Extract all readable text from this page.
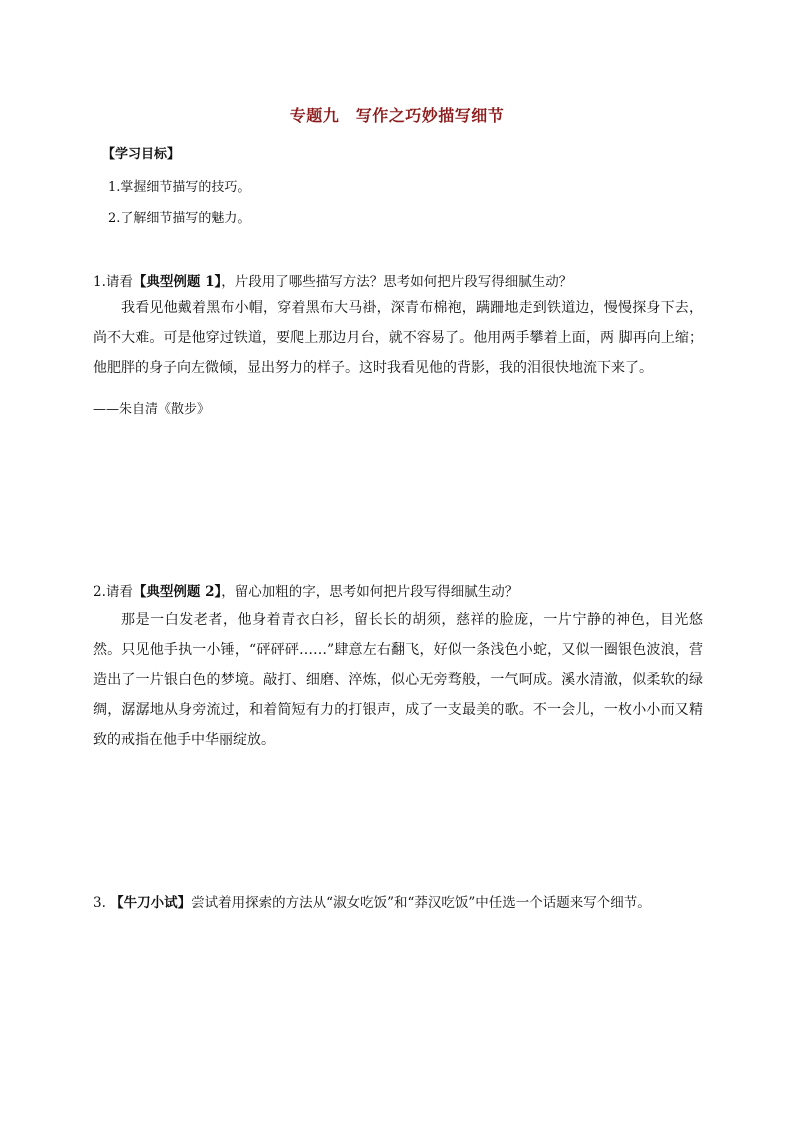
专题九　写作之巧妙描写细节
【学习目标】
1.掌握细节描写的技巧。
2.了解细节描写的魅力。
1.请看【典型例题 1】，片段用了哪些描写方法？思考如何把片段写得细腻生动？
我看见他戴着黑布小帽，穿着黑布大马褂，深青布棉袍，蹒跚地走到铁道边，慢慢探身下去，尚不大难。可是他穿过铁道，要爬上那边月台，就不容易了。他用两手攀着上面，两 脚再向上缩；他肥胖的身子向左微倾，显出努力的样子。这时我看见他的背影，我的泪很快地流下来了。
——朱自清《散步》
2.请看【典型例题 2】，留心加粗的字，思考如何把片段写得细腻生动？
那是一白发老者，他身着青衣白衫，留长长的胡须，慈祥的脸庞，一片宁静的神色，目光悠然。只见他手执一小锤，“砰砰砰……”肆意左右翻飞，好似一条浅色小蛇，又似一圈银色波浪，营造出了一片银白色的梦境。敲打、细磨、淬炼，似心无旁骛般，一气呵成。溪水清澈，似柔软的绿绸，潺潺地从身旁流过，和着简短有力的打银声，成了一支最美的歌。不一会儿，一枚小小而又精致的戒指在他手中华丽绽放。
3. 【牛刀小试】尝试着用探索的方法从“淑女吃饭”和“莽汉吃饭”中任选一个话题来写个细节。
